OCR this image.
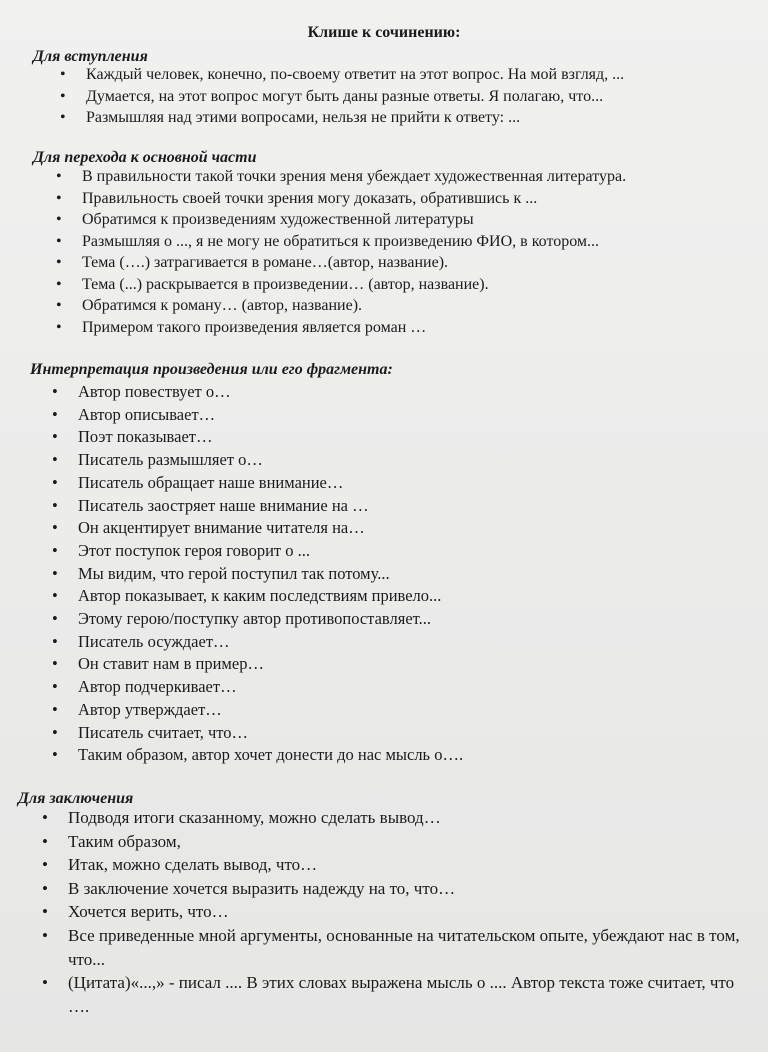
Клише к сочинению:
Для вступления
• Каждый человек, конечно, по-своему ответит на этот вопрос. На мой взгляд, ...
• Думается, на этот вопрос могут быть даны разные ответы. Я полагаю, что...
• Размышляя над этими вопросами, нельзя не прийти к ответу: ...
Для перехода к основной части
• В правильности такой точки зрения меня убеждает художественная литература.
• Правильность своей точки зрения могу доказать, обратившись к ...
• Обратимся к произведениям художественной литературы
• Размышляя о ..., я не могу не обратиться к произведению ФИО, в котором...
• Тема (….) затрагивается в романе…(автор, название).
• Тема (...) раскрывается в произведении… (автор, название).
• Обратимся к роману… (автор, название).
• Примером такого произведения является роман …
Интерпретация произведения или его фрагмента:
• Автор повествует о…
• Автор описывает…
• Поэт показывает…
• Писатель размышляет о…
• Писатель обращает наше внимание…
• Писатель заостряет наше внимание на …
• Он акцентирует внимание читателя на…
• Этот поступок героя говорит о ...
• Мы видим, что герой поступил так потому...
• Автор показывает, к каким последствиям привело...
• Этому герою/поступку автор противопоставляет...
• Писатель осуждает…
• Он ставит нам в пример…
• Автор подчеркивает…
• Автор утверждает…
• Писатель считает, что…
• Таким образом, автор хочет донести до нас мысль о….
Для заключения
• Подводя итоги сказанному, можно сделать вывод…
• Таким образом,
• Итак, можно сделать вывод, что…
• В заключение хочется выразить надежду на то, что…
• Хочется верить, что…
• Все приведенные мной аргументы, основанные на читательском опыте, убеждают нас в том, что...
• (Цитата)«...,» - писал .... В этих словах выражена мысль о .... Автор текста тоже считает, что ….
